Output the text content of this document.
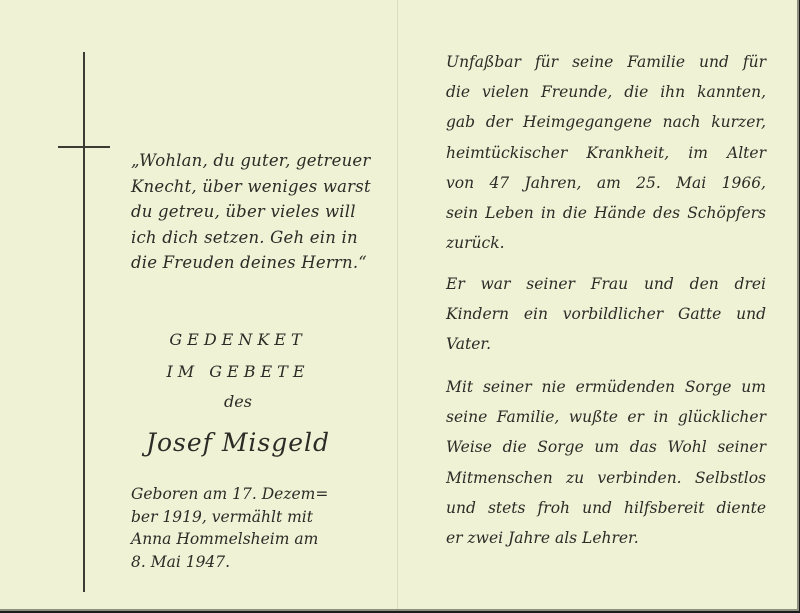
„Wohlan, du guter, getreuer
Knecht, über weniges warst
du getreu, über vieles will
ich dich setzen. Geh ein in
die Freuden deines Herrn.“

GEDENKET
IM GEBETE

des

Josef Misgeld

Geboren am 17. Dezem=
ber 1919, vermählt mit
Anna Hommelsheim am
8. Mai 1947.

Unfaßbar für seine Familie und für
die vielen Freunde, die ihn kannten,
gab der Heimgegangene nach kurzer,
heimtückischer Krankheit, im Alter
von 47 Jahren, am 25. Mai 1966,
sein Leben in die Hände des Schöpfers
zurück.

Er war seiner Frau und den drei
Kindern ein vorbildlicher Gatte und
Vater.

Mit seiner nie ermüdenden Sorge um
seine Familie, wußte er in glücklicher
Weise die Sorge um das Wohl seiner
Mitmenschen zu verbinden. Selbstlos
und stets froh und hilfsbereit diente
er zwei Jahre als Lehrer.
